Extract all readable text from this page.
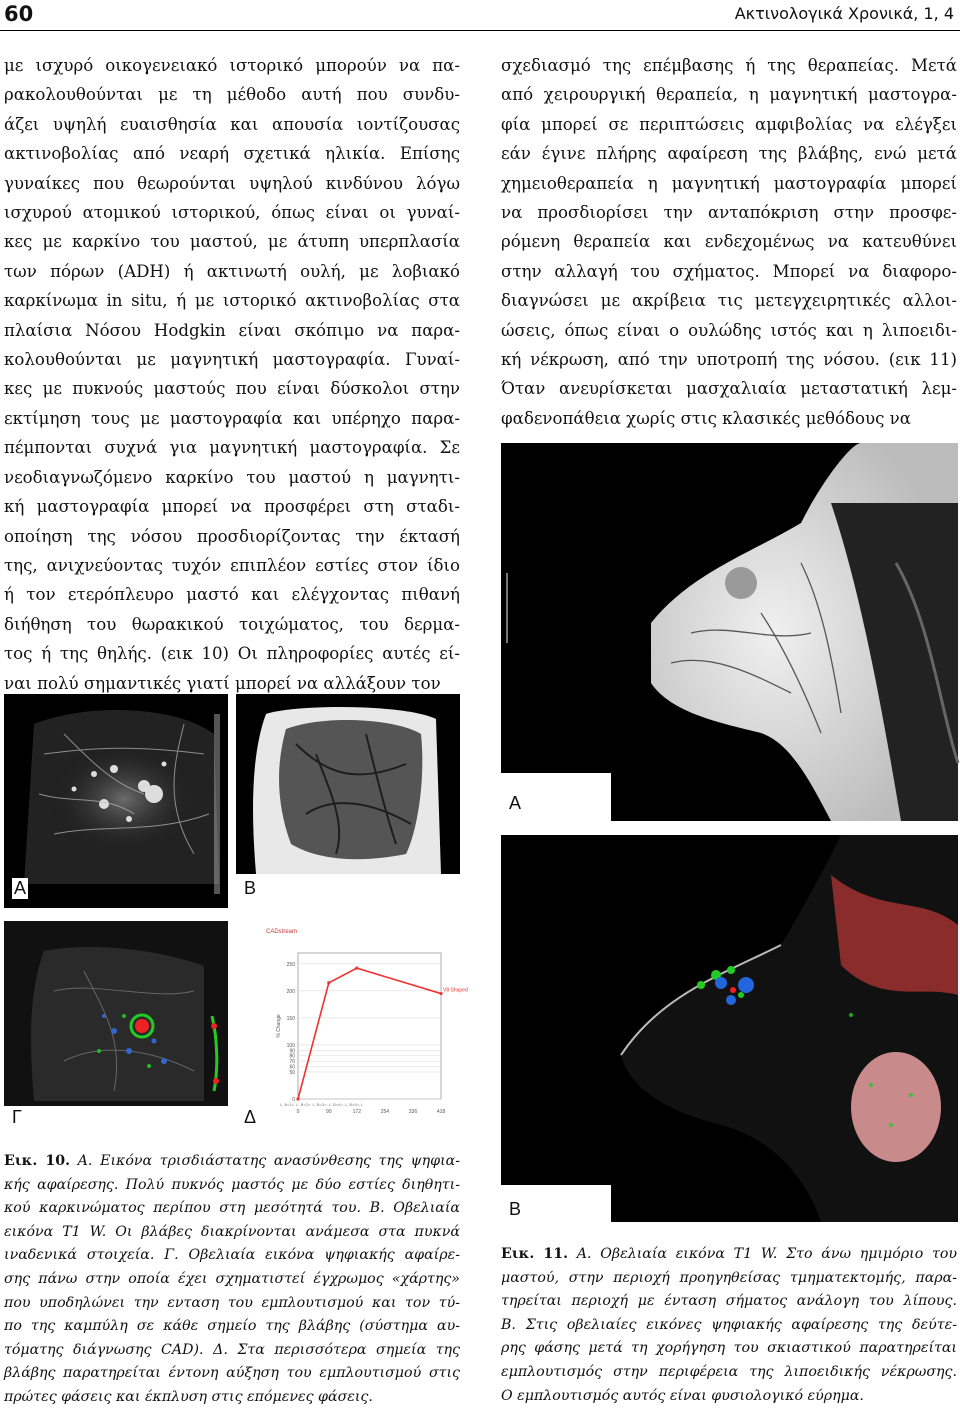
60	Ακτινολογικά Χρονικά, 1, 4
με ισχυρό οικογενειακό ιστορικό μπορούν να πα-
ρακολουθούνται με τη μέθοδο αυτή που συνδυ-
άζει υψηλή ευαισθησία και απουσία ιοντίζουσας
ακτινοβολίας από νεαρή σχετικά ηλικία. Επίσης
γυναίκες που θεωρούνται υψηλού κινδύνου λόγω
ισχυρού ατομικού ιστορικού, όπως είναι οι γυναί-
κες με καρκίνο του μαστού, με άτυπη υπερπλασία
των πόρων (ADH) ή ακτινωτή ουλή, με λοβιακό
καρκίνωμα in situ, ή με ιστορικό ακτινοβολίας στα
πλαίσια Νόσου Hodgkin είναι σκόπιμο να παρα-
κολουθούνται με μαγνητική μαστογραφία. Γυναί-
κες με πυκνούς μαστούς που είναι δύσκολοι στην
εκτίμηση τους με μαστογραφία και υπέρηχο παρα-
πέμπονται συχνά για μαγνητική μαστογραφία. Σε
νεοδιαγνωζόμενο καρκίνο του μαστού η μαγνητι-
κή μαστογραφία μπορεί να προσφέρει στη σταδι-
οποίηση της νόσου προσδιορίζοντας την έκτασή
της, ανιχνεύοντας τυχόν επιπλέον εστίες στον ίδιο
ή τον ετερόπλευρο μαστό και ελέγχοντας πιθανή
διήθηση του θωρακικού τοιχώματος, του δερμα-
τος ή της θηλής. (εικ 10) Οι πληροφορίες αυτές εί-
ναι πολύ σημαντικές γιατί μπορεί να αλλάξουν τον
σχεδιασμό της επέμβασης ή της θεραπείας. Μετά
από χειρουργική θεραπεία, η μαγνητική μαστογρα-
φία μπορεί σε περιπτώσεις αμφιβολίας να ελέγξει
εάν έγινε πλήρης αφαίρεση της βλάβης, ενώ μετά
χημειοθεραπεία η μαγνητική μαστογραφία μπορεί
να προσδιορίσει την ανταπόκριση στην προσφε-
ρόμενη θεραπεία και ενδεχομένως να κατευθύνει
στην αλλαγή του σχήματος. Μπορεί να διαφορο-
διαγνώσει με ακρίβεια τις μετεγχειρητικές αλλοι-
ώσεις, όπως είναι ο ουλώδης ιστός και η λιποειδι-
κή νέκρωση, από την υποτροπή της νόσου. (εικ 11)
Όταν ανευρίσκεται μασχαλιαία μεταστατική λεμ-
φαδενοπάθεια χωρίς στις κλασικές μεθόδους να
Α	Β
Γ
CADstream
0
50
60
70
80
90
100
150
200
250
0	90	172	254	336	418
L, B<1>, L, B<2>, L, B<3>, L, B<4>, L, B<5>, L
% Change
V8 Shaped
Δ
Εικ. 10. Α. Εικόνα τρισδιάστατης ανασύνθεσης της ψηφια-
κής αφαίρεσης. Πολύ πυκνός μαστός με δύο εστίες διηθητι-
κού καρκινώματος περίπου στη μεσότητά του. Β. Οβελιαία
εικόνα Τ1 W. Οι βλάβες διακρίνονται ανάμεσα στα πυκνά
ιναδενικά στοιχεία. Γ. Οβελιαία εικόνα ψηφιακής αφαίρε-
σης πάνω στην οποία έχει σχηματιστεί έγχρωμος «χάρτης»
που υποδηλώνει την ενταση του εμπλουτισμού και τον τύ-
πο της καμπύλη σε κάθε σημείο της βλάβης (σύστημα αυ-
τόματης διάγνωσης CAD). Δ. Στα περισσότερα σημεία της
βλάβης παρατηρείται έντονη αύξηση του εμπλουτισμού στις
πρώτες φάσεις και έκπλυση στις επόμενες φάσεις.
Α
Β
Εικ. 11. Α. Οβελιαία εικόνα Τ1 W. Στο άνω ημιμόριο του
μαστού, στην περιοχή προηγηθείσας τμηματεκτομής, παρα-
τηρείται περιοχή με ένταση σήματος ανάλογη του λίπους.
Β. Στις οβελιαίες εικόνες ψηφιακής αφαίρεσης της δεύτε-
ρης φάσης μετά τη χορήγηση του σκιαστικού παρατηρείται
εμπλουτισμός στην περιφέρεια της λιποειδικής νέκρωσης.
Ο εμπλουτισμός αυτός είναι φυσιολογικό εύρημα.
